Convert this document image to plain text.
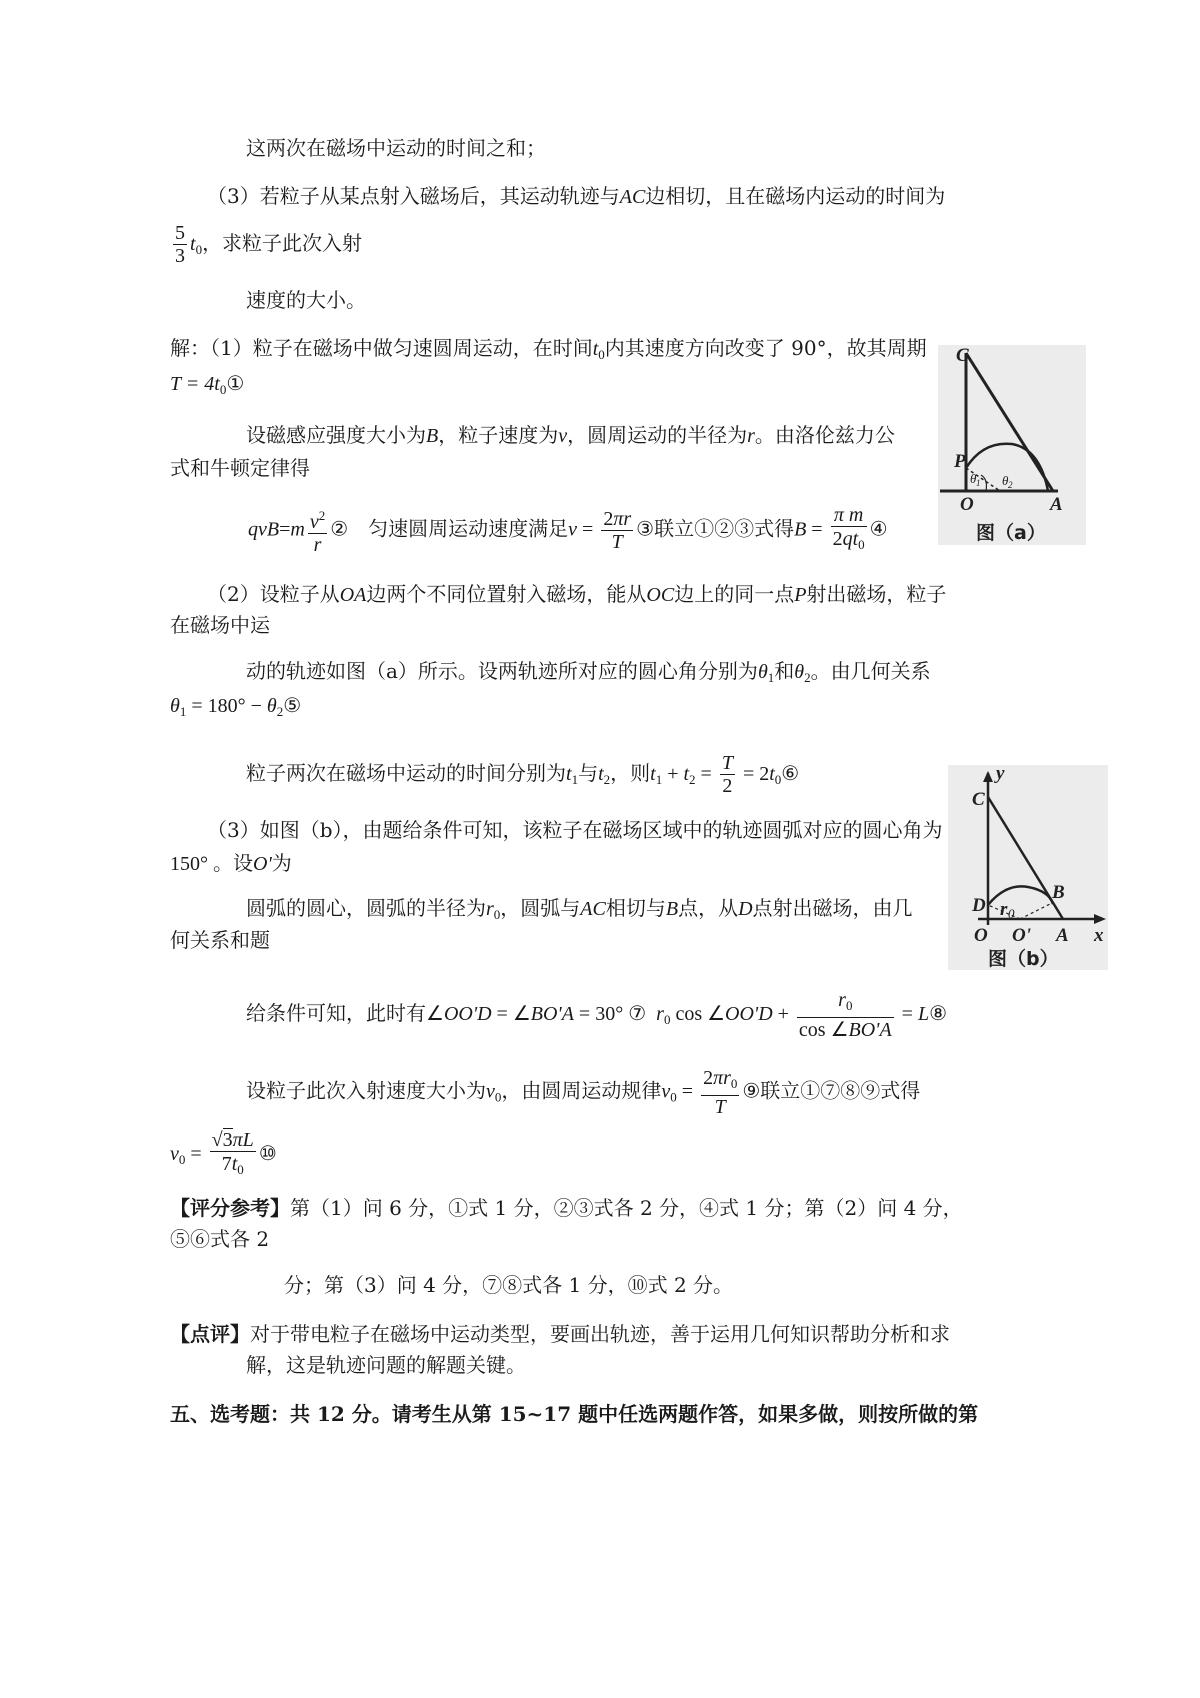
这两次在磁场中运动的时间之和；
（3）若粒子从某点射入磁场后，其运动轨迹与AC边相切，且在磁场内运动的时间为
$\frac{5}{3} t_0$，求粒子此次入射
速度的大小。
解：（1）粒子在磁场中做匀速圆周运动，在时间$t_0$内其速度方向改变了 90°，故其周期
$T = 4t_0①$
设磁感应强度大小为B，粒子速度为v，圆周运动的半径为r。由洛伦兹力公
式和牛顿定律得
$qvB=m \frac{v^2}{r}$ ②　匀速圆周运动速度满足$v = \frac{2\pi r}{T}$ ③联立①②③式得$B = \frac{\text{π m}}{2qt_0}$ ④
（2）设粒子从OA边两个不同位置射入磁场，能从OC边上的同一点P射出磁场，粒子
在磁场中运
动的轨迹如图（a）所示。设两轨迹所对应的圆心角分别为$\theta_1$和$\theta_2$。由几何关系
$\theta_1 = 180^\circ$ − $\theta_2⑤$
粒子两次在磁场中运动的时间分别为$t_1$与$t_2$，则$t_1 + t_2 = \frac{T}{2}$ = $2t_0⑥$
（3）如图（b），由题给条件可知，该粒子在磁场区域中的轨迹圆弧对应的圆心角为
150° 。设O'为
圆弧的圆心，圆弧的半径为$r_0$，圆弧与AC相切与B点，从D点射出磁场，由几
何关系和题
给条件可知，此时有∠OO'D = ∠BO'A = 30° ⑦ $r_0$ cos ∠OO'D + $\frac{r_0}{\cos \angle BO'A}$ = L⑧
设粒子此次入射速度大小为$v_0$，由圆周运动规律$v_0 = \frac{2\pi r_0}{T}$ ⑨联立①⑦⑧⑨式得
$v_0 = \frac{√3\pi L}{7t_0}$ ⑩
【评分参考】第（1）问 6 分，①式 1 分，②③式各 2 分，④式 1 分；第（2）问 4 分，
⑤⑥式各 2
分；第（3）问 4 分，⑦⑧式各 1 分，⑩式 2 分。
【点评】对于带电粒子在磁场中运动类型，要画出轨迹，善于运用几何知识帮助分析和求
解，这是轨迹问题的解题关键。
五、选考题：共 12 分。请考生从第 15~17 题中任选两题作答，如果多做，则按所做的第
C
P
O	A
θ 1 θ 2
图（a）
y
x
C
D
B
O O' A
r 0
图（b）
